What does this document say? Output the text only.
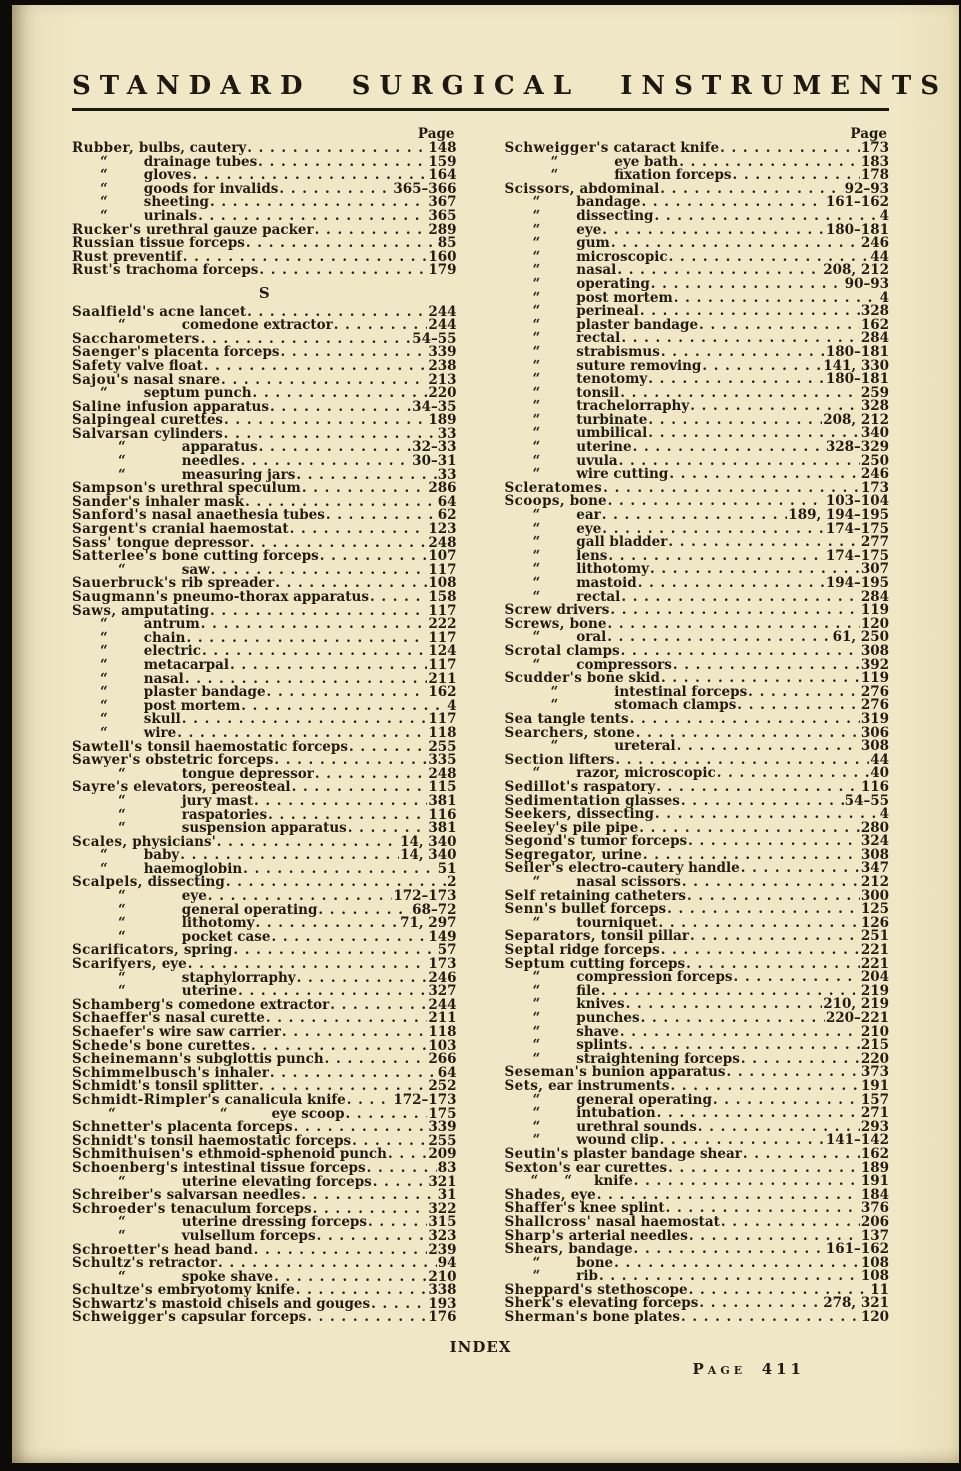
STANDARD SURGICAL INSTRUMENTS
Page
Rubber, bulbs, cautery . . .	148
“	drainage tubes . . .	159
“	gloves . . .	164
“	goods for invalids . . .	365–366
“	sheeting . . .	367
“	urinals . . .	365
Rucker's urethral gauze packer . . .	289
Russian tissue forceps . . .	85
Rust preventif . . .	160
Rust's trachoma forceps . . .	179
S
Saalfield's acne lancet . . .	244
“	comedone extractor . . .	244
Saccharometers . . .	54–55
Saenger's placenta forceps . . .	339
Safety valve float . . .	238
Sajou's nasal snare . . .	213
“	septum punch . . .	220
Saline infusion apparatus . . .	34–35
Salpingeal curettes . . .	189
Salvarsan cylinders . . .	33
“	apparatus . . .	32–33
“	needles . . .	30–31
“	measuring jars . . .	33
Sampson's urethral speculum . . .	286
Sander's inhaler mask . . .	64
Sanford's nasal anaethesia tubes . . .	62
Sargent's cranial haemostat . . .	123
Sass' tongue depressor . . .	248
Satterlee's bone cutting forceps . . .	107
“	saw . . .	117
Sauerbruck's rib spreader . . .	108
Saugmann's pneumo-thorax apparatus . . .	158
Saws, amputating . . .	117
“	antrum . . .	222
“	chain . . .	117
“	electric . . .	124
“	metacarpal . . .	117
“	nasal . . .	211
“	plaster bandage . . .	162
“	post mortem . . .	4
“	skull . . .	117
“	wire . . .	118
Sawtell's tonsil haemostatic forceps . . .	255
Sawyer's obstetric forceps . . .	335
“	tongue depressor . . .	248
Sayre's elevators, pereosteal . . .	115
“	jury mast . . .	381
“	raspatories . . .	116
“	suspension apparatus . . .	381
Scales, physicians' . . .	14, 340
“	baby . . .	14, 340
“	haemoglobin . . .	51
Scalpels, dissecting . . .	2
“	eye . . .	172–173
“	general operating . . .	68–72
“	lithotomy . . .	71, 297
“	pocket case . . .	149
Scarificators, spring . . .	57
Scarifyers, eye . . .	173
“	staphylorraphy . . .	246
“	uterine . . .	327
Schamberg's comedone extractor . . .	244
Schaeffer's nasal curette . . .	211
Schaefer's wire saw carrier . . .	118
Schede's bone curettes . . .	103
Scheinemann's subglottis punch . . .	266
Schimmelbusch's inhaler . . .	64
Schmidt's tonsil splitter . . .	252
Schmidt-Rimpler's canalicula knife . . .	172–173
“	“	eye scoop . . .	175
Schnetter's placenta forceps . . .	339
Schnidt's tonsil haemostatic forceps . . .	255
Schmithuisen's ethmoid-sphenoid punch . . .	209
Schoenberg's intestinal tissue forceps . . .	83
“	uterine elevating forceps . . .	321
Schreiber's salvarsan needles . . .	31
Schroeder's tenaculum forceps . . .	322
“	uterine dressing forceps . . .	315
“	vulsellum forceps . . .	323
Schroetter's head band . . .	239
Schultz's retractor . . .	94
“	spoke shave . . .	210
Schultze's embryotomy knife . . .	338
Schwartz's mastoid chisels and gouges . . .	193
Schweigger's capsular forceps . . .	176
Page
Schweigger's cataract knife . . .	173
“	eye bath . . .	183
“	fixation forceps . . .	178
Scissors, abdominal . . .	92–93
“	bandage . . .	161–162
“	dissecting . . .	4
“	eye . . .	180–181
“	gum . . .	246
“	microscopic . . .	44
“	nasal . . .	208, 212
“	operating . . .	90–93
“	post mortem . . .	4
“	perineal . . .	328
“	plaster bandage . . .	162
“	rectal . . .	284
“	strabismus . . .	180–181
“	suture removing . . .	141, 330
“	tenotomy . . .	180–181
“	tonsil . . .	259
“	trachelorraphy . . .	328
“	turbinate . . .	208, 212
“	umbilical . . .	340
“	uterine . . .	328–329
“	uvula . . .	250
“	wire cutting . . .	246
Scleratomes . . .	173
Scoops, bone . . .	103–104
“	ear . . .	189, 194–195
“	eye . . .	174–175
“	gall bladder . . .	277
“	lens . . .	174–175
“	lithotomy . . .	307
“	mastoid . . .	194–195
“	rectal . . .	284
Screw drivers . . .	119
Screws, bone . . .	120
“	oral . . .	61, 250
Scrotal clamps . . .	308
“	compressors . . .	392
Scudder's bone skid . . .	119
“	intestinal forceps . . .	276
“	stomach clamps . . .	276
Sea tangle tents . . .	319
Searchers, stone . . .	306
“	ureteral . . .	308
Section lifters . . .	44
“	razor, microscopic . . .	40
Sedillot's raspatory . . .	116
Sedimentation glasses . . .	54–55
Seekers, dissecting . . .	4
Seeley's pile pipe . . .	280
Segond's tumor forceps . . .	324
Segregator, urine . . .	308
Seiler's electro-cautery handle . . .	347
“	nasal scissors . . .	212
Self retaining catheters . . .	300
Senn's bullet forceps . . .	125
“	tourniquet . . .	126
Separators, tonsil pillar . . .	251
Septal ridge forceps . . .	221
Septum cutting forceps . . .	221
“	compression forceps . . .	204
“	file . . .	219
“	knives . . .	210, 219
“	punches . . .	220–221
“	shave . . .	210
“	splints . . .	215
“	straightening forceps . . .	220
Seseman's bunion apparatus . . .	373
Sets, ear instruments . . .	191
“	general operating . . .	157
“	intubation . . .	271
“	urethral sounds . . .	293
“	wound clip . . .	141–142
Seutin's plaster bandage shear . . .	162
Sexton's ear curettes . . .	189
“ “ knife . . .	191
Shades, eye . . .	184
Shaffer's knee splint . . .	376
Shallcross' nasal haemostat . . .	206
Sharp's arterial needles . . .	137
Shears, bandage . . .	161–162
“	bone . . .	108
“	rib . . .	108
Sheppard's stethoscope . . .	11
Sherk's elevating forceps . . .	278, 321
Sherman's bone plates . . .	120
INDEX
Page 411
